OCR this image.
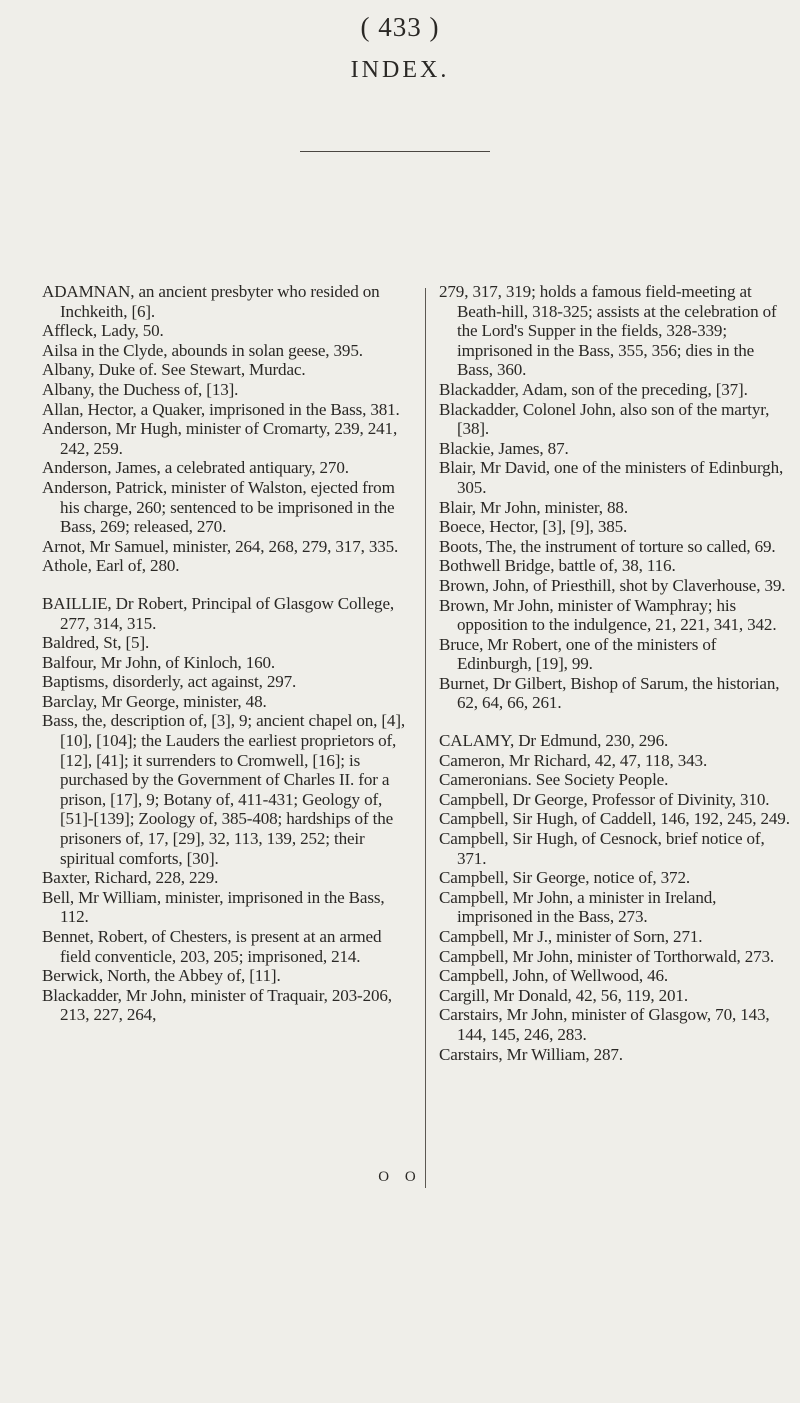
( 433 )
INDEX.

ADAMNAN, an ancient presbyter who resided on Inchkeith, [6].

Affleck, Lady, 50.

Ailsa in the Clyde, abounds in solan geese, 395.

Albany, Duke of. See Stewart, Murdac.

Albany, the Duchess of, [13].

Allan, Hector, a Quaker, imprisoned in the Bass, 381.

Anderson, Mr Hugh, minister of Cromarty, 239, 241, 242, 259.

Anderson, James, a celebrated antiquary, 270.

Anderson, Patrick, minister of Walston, ejected from his charge, 260; sentenced to be imprisoned in the Bass, 269; released, 270.

Arnot, Mr Samuel, minister, 264, 268, 279, 317, 335.

Athole, Earl of, 280.

BAILLIE, Dr Robert, Principal of Glasgow College, 277, 314, 315.

Baldred, St, [5].

Balfour, Mr John, of Kinloch, 160.

Baptisms, disorderly, act against, 297.

Barclay, Mr George, minister, 48.

Bass, the, description of, [3], 9; ancient chapel on, [4], [10], [104]; the Lauders the earliest proprietors of, [12], [41]; it surrenders to Cromwell, [16]; is purchased by the Government of Charles II. for a prison, [17], 9; Botany of, 411-431; Geology of, [51]-[139]; Zoology of, 385-408; hardships of the prisoners of, 17, [29], 32, 113, 139, 252; their spiritual comforts, [30].

Baxter, Richard, 228, 229.

Bell, Mr William, minister, imprisoned in the Bass, 112.

Bennet, Robert, of Chesters, is present at an armed field conventicle, 203, 205; imprisoned, 214.

Berwick, North, the Abbey of, [11].

Blackadder, Mr John, minister of Traquair, 203-206, 213, 227, 264,

279, 317, 319; holds a famous field-meeting at Beath-hill, 318-325; assists at the celebration of the Lord's Supper in the fields, 328-339; imprisoned in the Bass, 355, 356; dies in the Bass, 360.

Blackadder, Adam, son of the preceding, [37].

Blackadder, Colonel John, also son of the martyr, [38].

Blackie, James, 87.

Blair, Mr David, one of the ministers of Edinburgh, 305.

Blair, Mr John, minister, 88.

Boece, Hector, [3], [9], 385.

Boots, The, the instrument of torture so called, 69.

Bothwell Bridge, battle of, 38, 116.

Brown, John, of Priesthill, shot by Claverhouse, 39.

Brown, Mr John, minister of Wamphray; his opposition to the indulgence, 21, 221, 341, 342.

Bruce, Mr Robert, one of the ministers of Edinburgh, [19], 99.

Burnet, Dr Gilbert, Bishop of Sarum, the historian, 62, 64, 66, 261.

CALAMY, Dr Edmund, 230, 296.

Cameron, Mr Richard, 42, 47, 118, 343.

Cameronians. See Society People.

Campbell, Dr George, Professor of Divinity, 310.

Campbell, Sir Hugh, of Caddell, 146, 192, 245, 249.

Campbell, Sir Hugh, of Cesnock, brief notice of, 371.

Campbell, Sir George, notice of, 372.

Campbell, Mr John, a minister in Ireland, imprisoned in the Bass, 273.

Campbell, Mr J., minister of Sorn, 271.

Campbell, Mr John, minister of Torthorwald, 273.

Campbell, John, of Wellwood, 46.

Cargill, Mr Donald, 42, 56, 119, 201.

Carstairs, Mr John, minister of Glasgow, 70, 143, 144, 145, 246, 283.

Carstairs, Mr William, 287.

O O
